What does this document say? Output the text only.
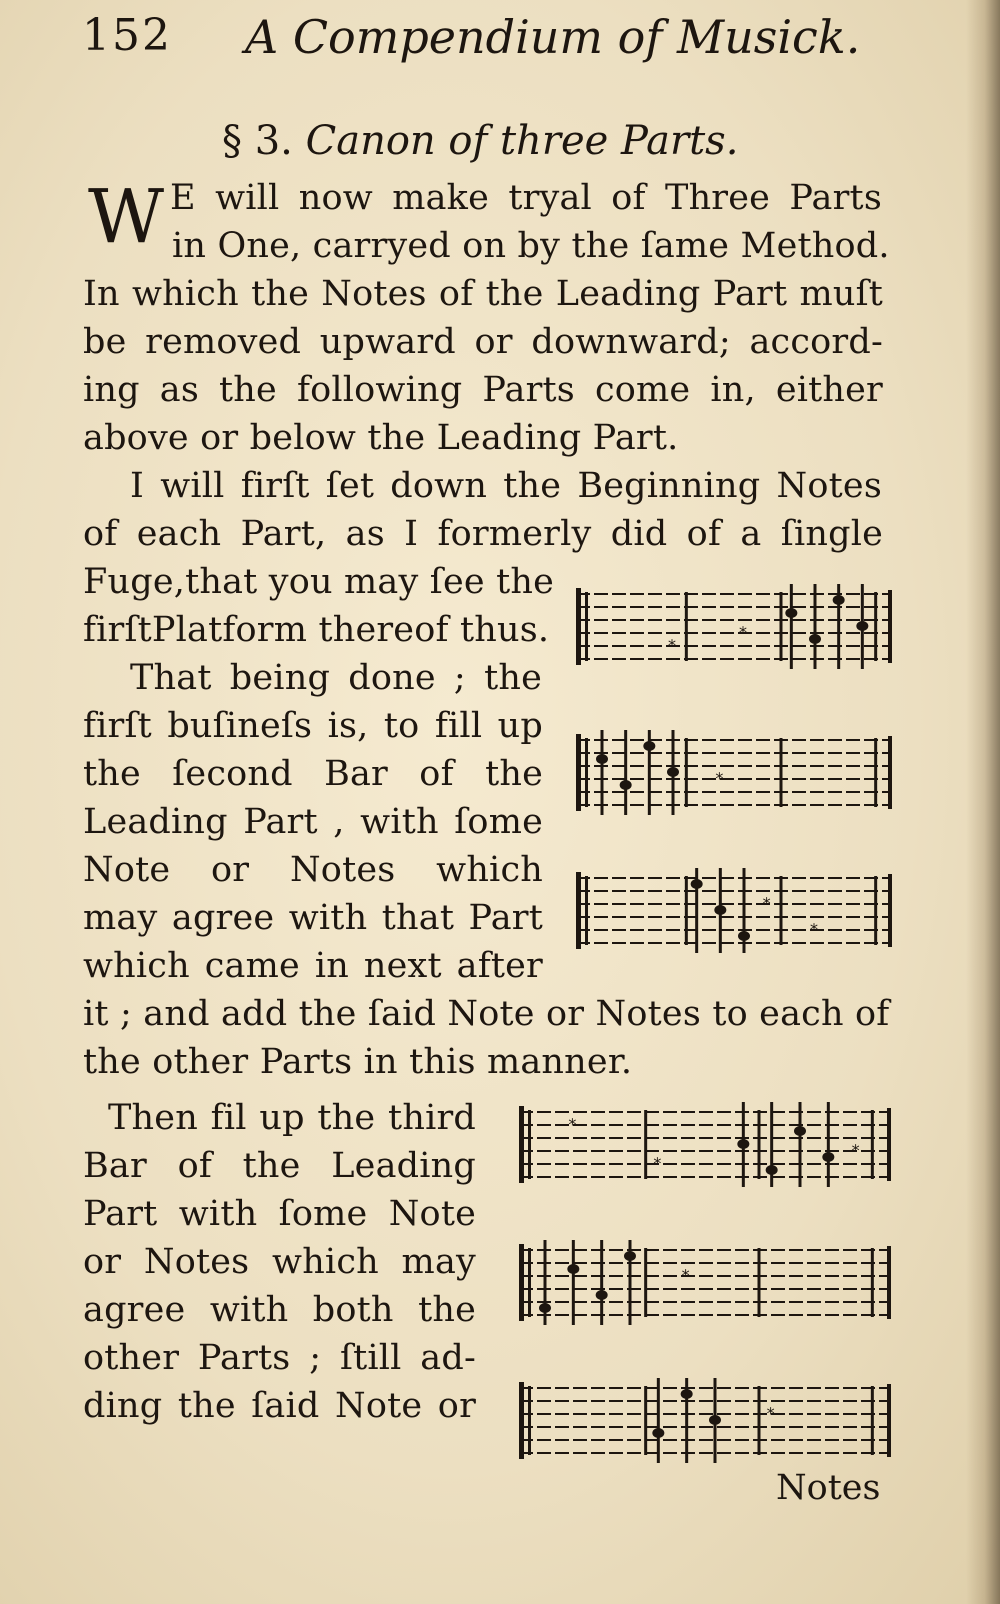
152 A Compendium of Musick.
§ 3. Canon of three Parts.
W E will now make tryal of Three Parts
in One, carryed on by the ſame Method.
In which the Notes of the Leading Part muſt
be removed upward or downward; accord-
ing as the following Parts come in, either
above or below the Leading Part.
I will firſt ſet down the Beginning Notes
of each Part, as I formerly did of a ſingle
Fuge,that you may ſee the
firſtPlatform thereof thus.
That being done ; the
firſt buſineſs is, to fill up
the ſecond Bar of the
Leading Part , with ſome
Note or Notes which
may agree with that Part
which came in next after
it ; and add the ſaid Note or Notes to each of
the other Parts in this manner.
Then fil up the third
Bar of the Leading
Part with ſome Note
or Notes which may
agree with both the
other Parts ; ſtill ad-
ding the ſaid Note or
Notes
⁎
⁎
⁎
⁎
⁎
⁎
⁎
⁎
⁎
⁎
